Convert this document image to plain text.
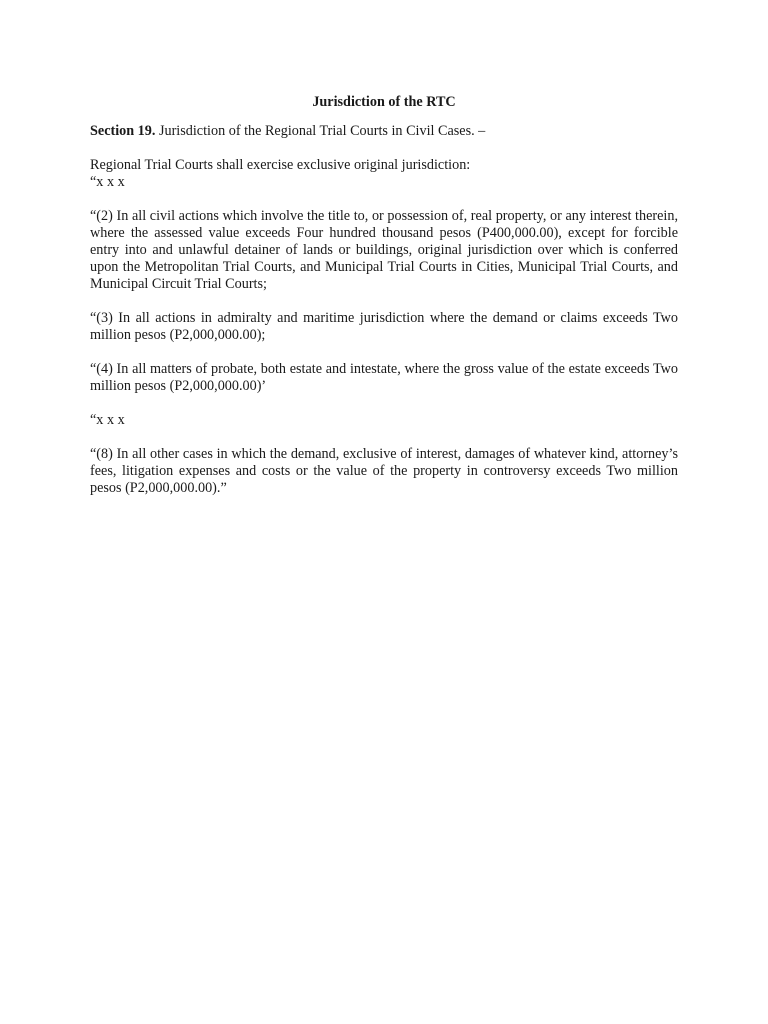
Jurisdiction of the RTC

Section 19. Jurisdiction of the Regional Trial Courts in Civil Cases. –

Regional Trial Courts shall exercise exclusive original jurisdiction:

“x x x

“(2) In all civil actions which involve the title to, or possession of, real property, or any interest therein, where the assessed value exceeds Four hundred thousand pesos (P400,000.00), except for forcible entry into and unlawful detainer of lands or buildings, original jurisdiction over which is conferred upon the Metropolitan Trial Courts, and Municipal Trial Courts in Cities, Municipal Trial Courts, and Municipal Circuit Trial Courts;

“(3) In all actions in admiralty and maritime jurisdiction where the demand or claims exceeds Two million pesos (P2,000,000.00);

“(4) In all matters of probate, both estate and intestate, where the gross value of the estate exceeds Two million pesos (P2,000,000.00)’

“x x x

“(8) In all other cases in which the demand, exclusive of interest, damages of whatever kind, attorney’s fees, litigation expenses and costs or the value of the property in controversy exceeds Two million pesos (P2,000,000.00).”
